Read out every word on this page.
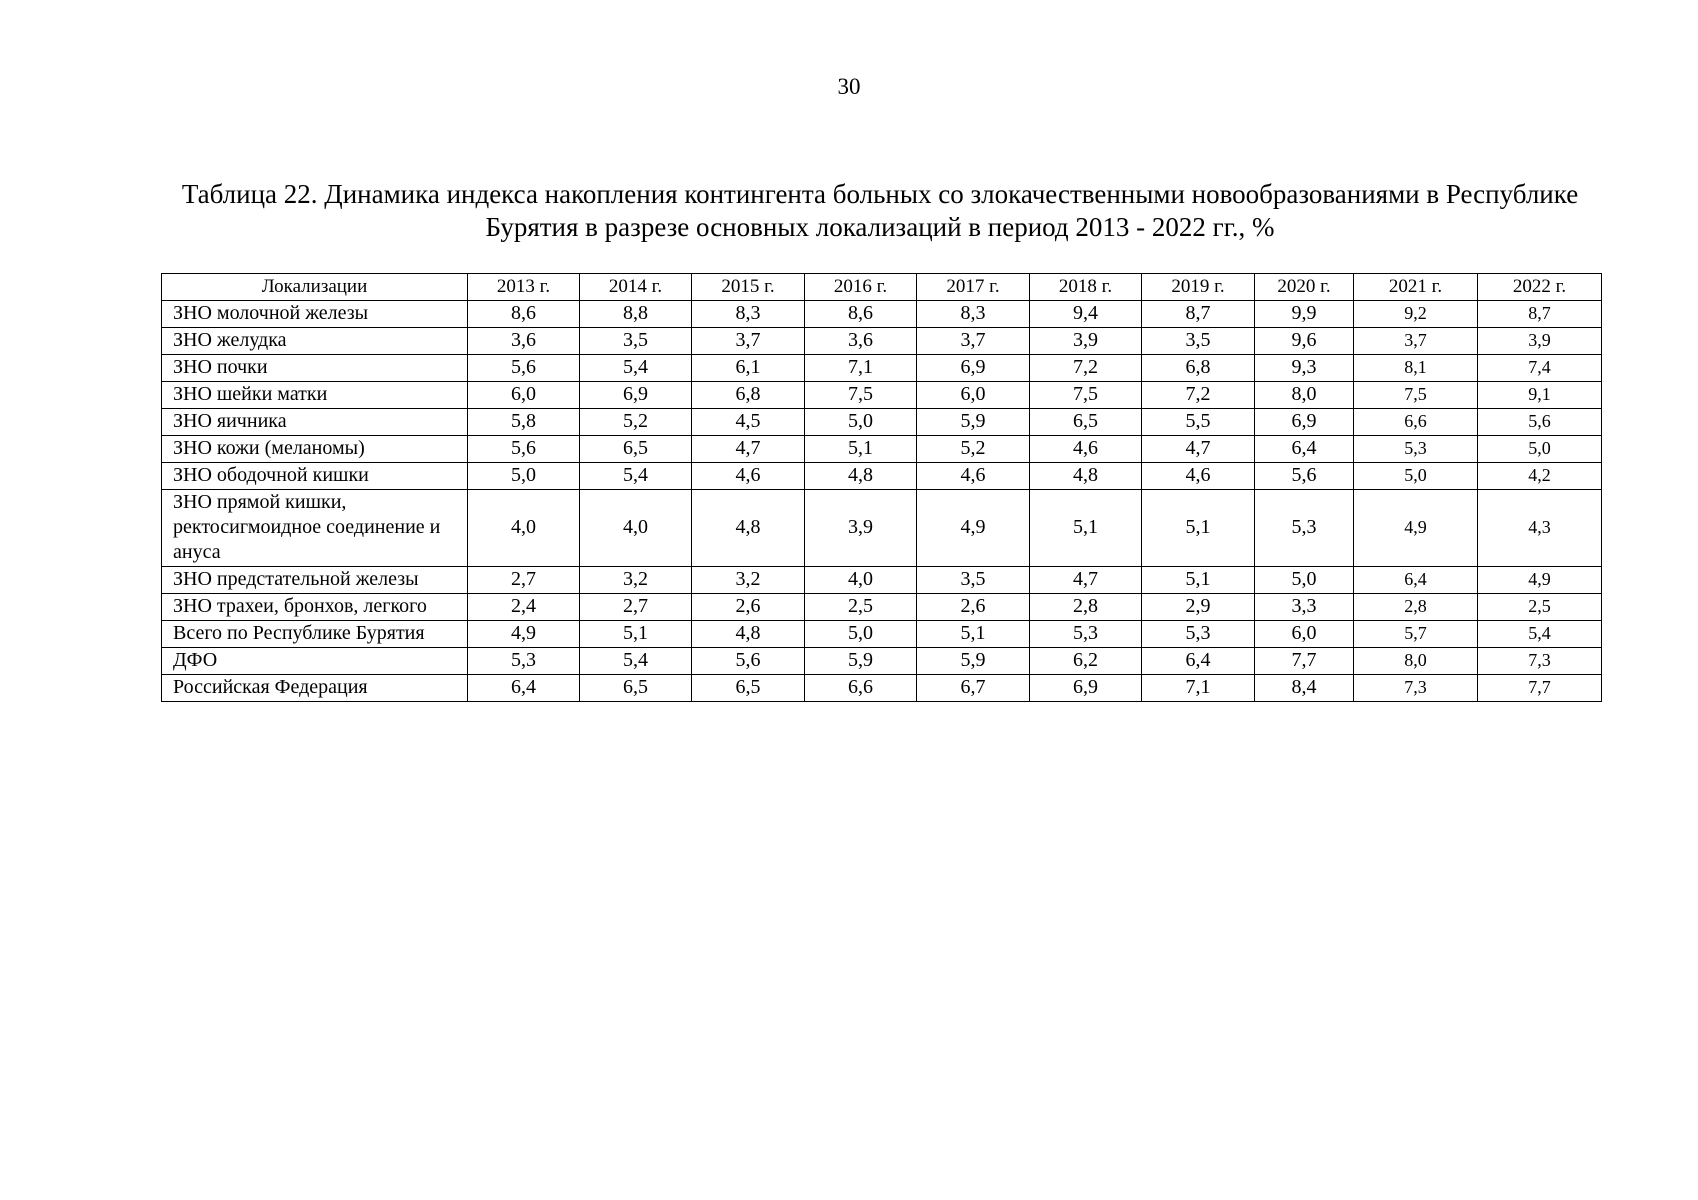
30
Таблица 22. Динамика индекса накопления контингента больных со злокачественными новообразованиями в Республике Бурятия в разрезе основных локализаций в период 2013 - 2022 гг., %
Локализации	2013 г.	2014 г.	2015 г.	2016 г.	2017 г.	2018 г.	2019 г.	2020 г.	2021 г.	2022 г.
ЗНО молочной железы	8,6	8,8	8,3	8,6	8,3	9,4	8,7	9,9	9,2	8,7
ЗНО желудка	3,6	3,5	3,7	3,6	3,7	3,9	3,5	9,6	3,7	3,9
ЗНО почки	5,6	5,4	6,1	7,1	6,9	7,2	6,8	9,3	8,1	7,4
ЗНО шейки матки	6,0	6,9	6,8	7,5	6,0	7,5	7,2	8,0	7,5	9,1
ЗНО яичника	5,8	5,2	4,5	5,0	5,9	6,5	5,5	6,9	6,6	5,6
ЗНО кожи (меланомы)	5,6	6,5	4,7	5,1	5,2	4,6	4,7	6,4	5,3	5,0
ЗНО ободочной кишки	5,0	5,4	4,6	4,8	4,6	4,8	4,6	5,6	5,0	4,2
ЗНО прямой кишки, ректосигмоидное соединение и ануса	4,0	4,0	4,8	3,9	4,9	5,1	5,1	5,3	4,9	4,3
ЗНО предстательной железы	2,7	3,2	3,2	4,0	3,5	4,7	5,1	5,0	6,4	4,9
ЗНО трахеи, бронхов, легкого	2,4	2,7	2,6	2,5	2,6	2,8	2,9	3,3	2,8	2,5
Всего по Республике Бурятия	4,9	5,1	4,8	5,0	5,1	5,3	5,3	6,0	5,7	5,4
ДФО	5,3	5,4	5,6	5,9	5,9	6,2	6,4	7,7	8,0	7,3
Российская Федерация	6,4	6,5	6,5	6,6	6,7	6,9	7,1	8,4	7,3	7,7
